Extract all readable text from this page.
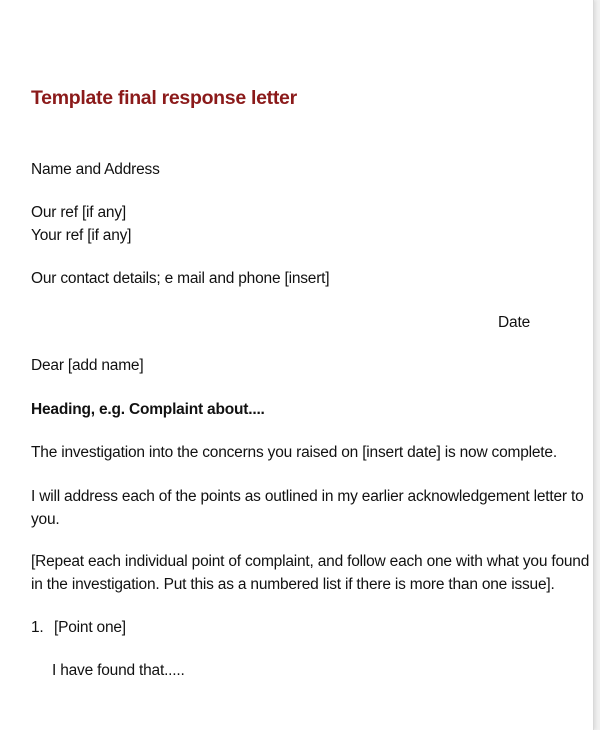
Template final response letter
Name and Address
Our ref [if any]
Your ref [if any]
Our contact details; e mail and phone [insert]
Date
Dear [add name]
Heading, e.g. Complaint about....
The investigation into the concerns you raised on [insert date] is now complete.
I will address each of the points as outlined in my earlier acknowledgement letter to
you.
[Repeat each individual point of complaint, and follow each one with what you found
in the investigation. Put this as a numbered list if there is more than one issue].
1. [Point one]
I have found that.....
